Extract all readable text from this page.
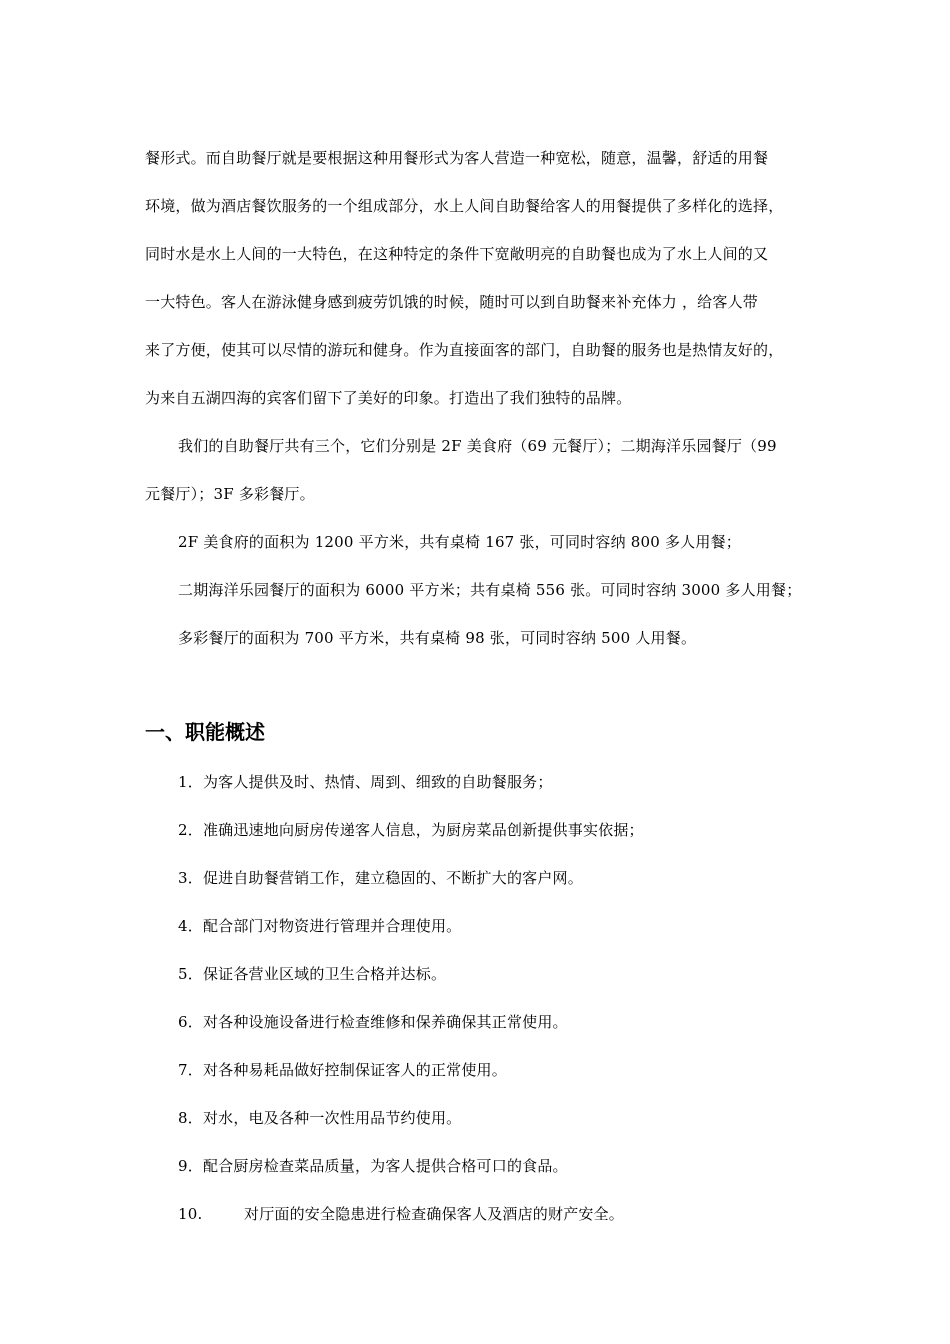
餐形式。而自助餐厅就是要根据这种用餐形式为客人营造一种宽松，随意，温馨，舒适的用餐
环境，做为酒店餐饮服务的一个组成部分，水上人间自助餐给客人的用餐提供了多样化的选择，
同时水是水上人间的一大特色，在这种特定的条件下宽敞明亮的自助餐也成为了水上人间的又
一大特色。客人在游泳健身感到疲劳饥饿的时候，随时可以到自助餐来补充体力 ，给客人带
来了方便，使其可以尽情的游玩和健身。作为直接面客的部门，自助餐的服务也是热情友好的，
为来自五湖四海的宾客们留下了美好的印象。打造出了我们独特的品牌。
我们的自助餐厅共有三个，它们分别是 2F 美食府（69 元餐厅）；二期海洋乐园餐厅（99
元餐厅）；3F 多彩餐厅。
2F 美食府的面积为 1200 平方米，共有桌椅 167 张，可同时容纳 800 多人用餐；
二期海洋乐园餐厅的面积为 6000 平方米；共有桌椅 556 张。可同时容纳 3000 多人用餐；
多彩餐厅的面积为 700 平方米，共有桌椅 98 张，可同时容纳 500 人用餐。
一、职能概述
1．为客人提供及时、热情、周到、细致的自助餐服务；
2．准确迅速地向厨房传递客人信息，为厨房菜品创新提供事实依据；
3．促进自助餐营销工作，建立稳固的、不断扩大的客户网。
4．配合部门对物资进行管理并合理使用。
5．保证各营业区域的卫生合格并达标。
6．对各种设施设备进行检查维修和保养确保其正常使用。
7．对各种易耗品做好控制保证客人的正常使用。
8．对水，电及各种一次性用品节约使用。
9．配合厨房检查菜品质量，为客人提供合格可口的食品。
10.	对厅面的安全隐患进行检查确保客人及酒店的财产安全。
